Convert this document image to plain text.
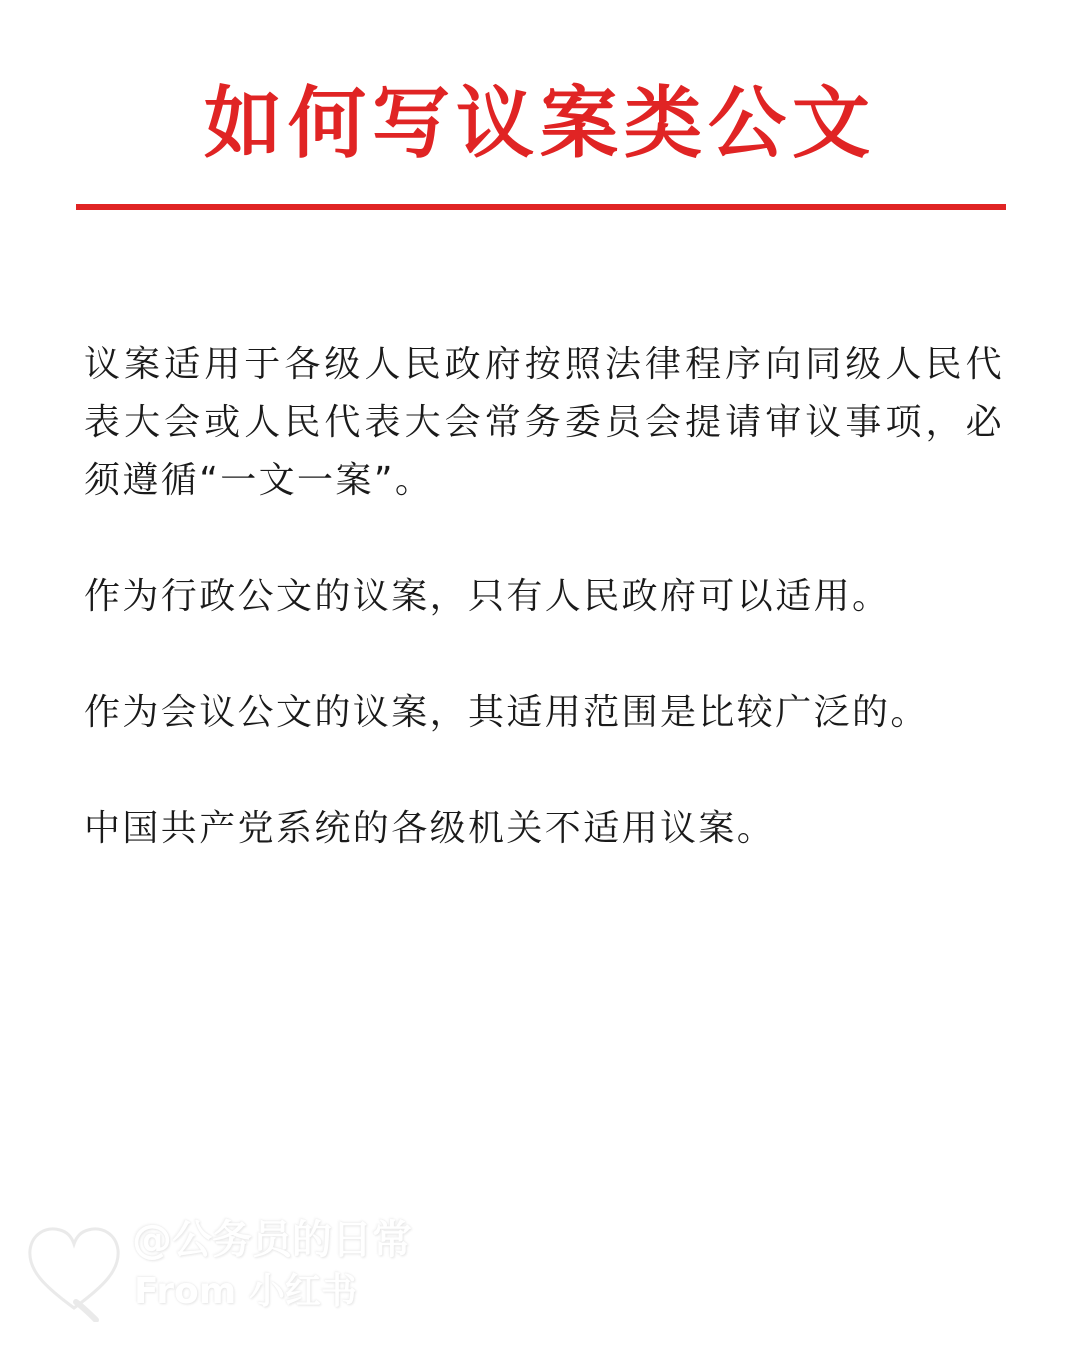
如何写议案类公文

议案适用于各级人民政府按照法律程序向同级人民代表大会或人民代表大会常务委员会提请审议事项，必须遵循“一文一案”。

作为行政公文的议案，只有人民政府可以适用。

作为会议公文的议案，其适用范围是比较广泛的。

中国共产党系统的各级机关不适用议案。

@公务员的日常
From 小红书
